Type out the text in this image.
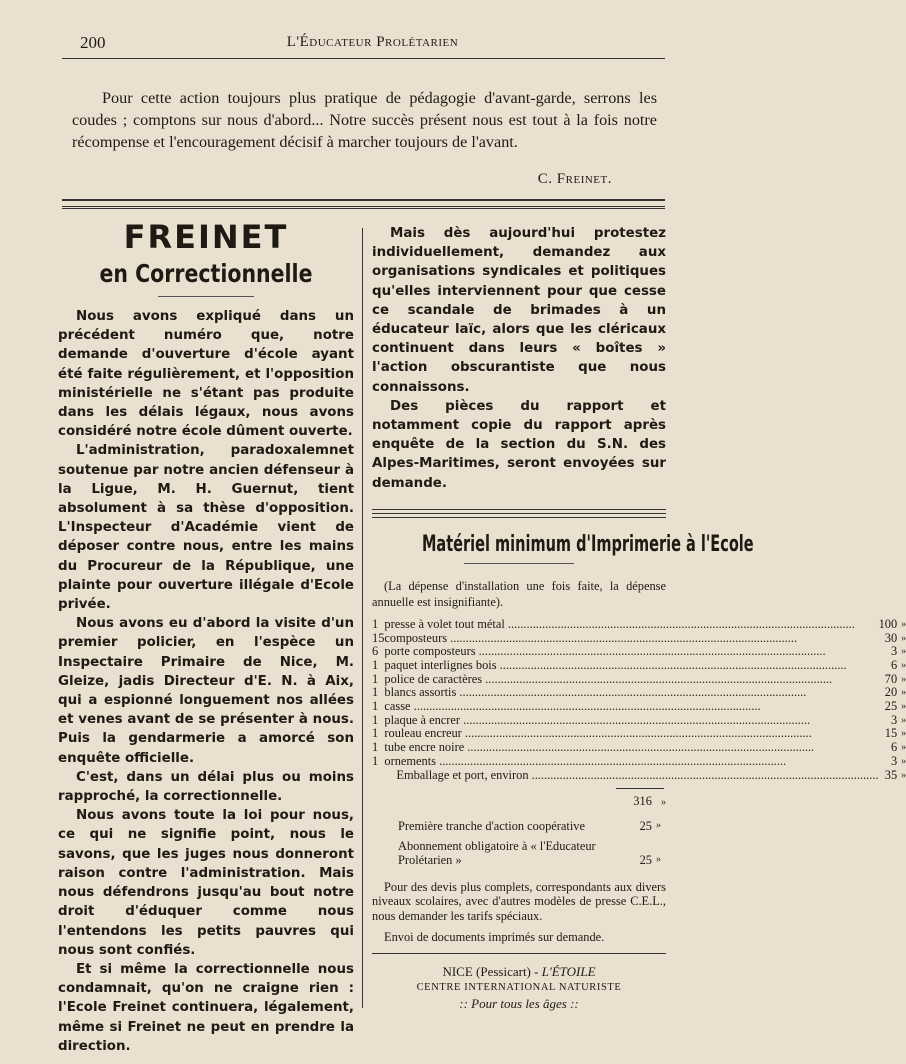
200	L'Éducateur Prolétarien
Pour cette action toujours plus pratique de pédagogie d'avant-garde, serrons les coudes ; comptons sur nous d'abord... Notre succès présent nous est tout à la fois notre récompense et l'encouragement décisif à marcher toujours de l'avant.
C. Freinet.
FREINET
en Correctionnelle

Nous avons expliqué dans un précédent numéro que, notre demande d'ouverture d'école ayant été faite régulièrement, et l'opposition ministérielle ne s'étant pas produite dans les délais légaux, nous avons considéré notre école dûment ouverte.

L'administration, paradoxalemnet soutenue par notre ancien défenseur à la Ligue, M. H. Guernut, tient absolument à sa thèse d'opposition. L'Inspecteur d'Académie vient de déposer contre nous, entre les mains du Procureur de la République, une plainte pour ouverture illégale d'Ecole privée.

Nous avons eu d'abord la visite d'un premier policier, en l'espèce un Inspectaire Primaire de Nice, M. Gleize, jadis Directeur d'E. N. à Aix, qui a espionné longuement nos allées et venes avant de se présenter à nous. Puis la gendarmerie a amorcé son enquête officielle.

C'est, dans un délai plus ou moins rapproché, la correctionnelle.

Nous avons toute la loi pour nous, ce qui ne signifie point, nous le savons, que les juges nous donneront raison contre l'administration. Mais nous défendrons jusqu'au bout notre droit d'éduquer comme nous l'entendons les petits pauvres qui nous sont confiés.

Et si même la correctionnelle nous condamnait, qu'on ne craigne rien : l'Ecole Freinet continuera, légalement, même si Freinet ne peut en prendre la direction.

Mais dès aujourd'hui protestez individuellement, demandez aux organisations syndicales et politiques qu'elles interviennent pour que cesse ce scandale de brimades à un éducateur laïc, alors que les cléricaux continuent dans leurs « boîtes » l'action obscurantiste que nous connaissons.

Des pièces du rapport et notamment copie du rapport après enquête de la section du S.N. des Alpes-Maritimes, seront envoyées sur demande.

Matériel minimum d'Imprimerie à l'Ecole

(La dépense d'installation une fois faite, la dépense annuelle est insignifiante).

1	presse à volet tout métal .....	100	»
15	composteurs .....	30	»
6	porte composteurs .....	3	»
1	paquet interlignes bois .....	6	»
1	police de caractères .....	70	»
1	blancs assortis .....	20	»
1	casse .....	25	»
1	plaque à encrer .....	3	»
1	rouleau encreur .....	15	»
1	tube encre noire .....	6	»
1	ornements .....	3	»

	Emballage et port, environ .....	35	»
316 »
Première tranche d'action coopérative	25 »
Abonnement obligatoire à « l'Educateur Prolétarien »	25 »
Pour des devis plus complets, correspondants aux divers niveaux scolaires, avec d'autres modèles de presse C.E.L., nous demander les tarifs spéciaux.
Envoi de documents imprimés sur demande.
NICE (Pessicart) - L'ÉTOILE
CENTRE INTERNATIONAL NATURISTE
:: Pour tous les âges ::
